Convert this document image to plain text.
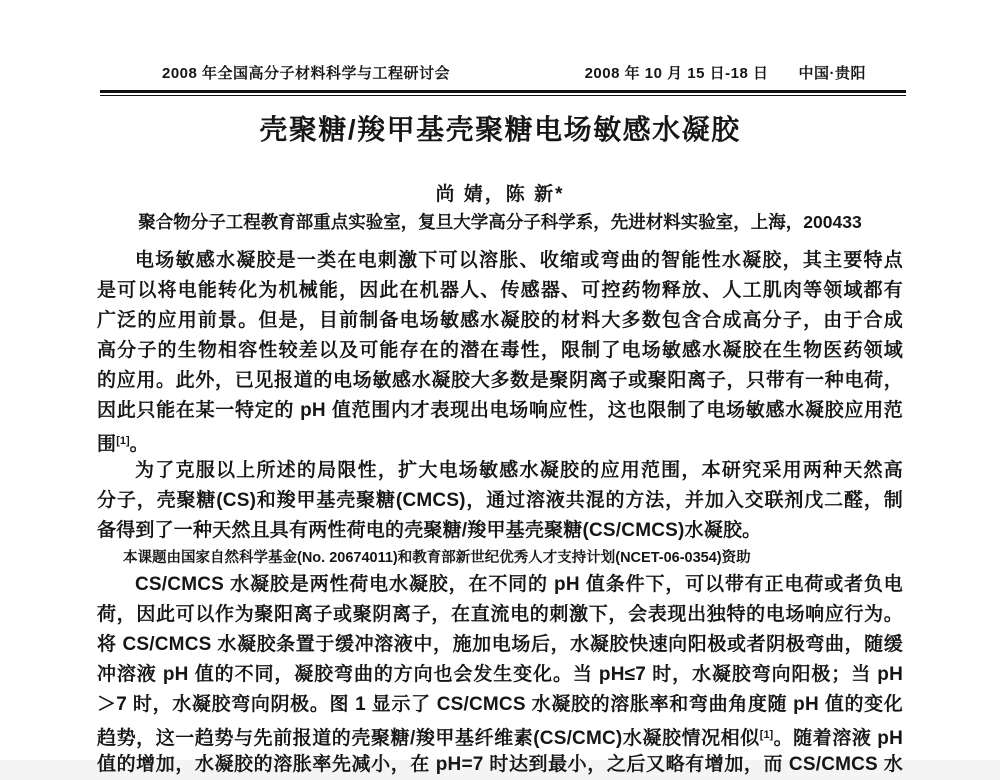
2008 年全国高分子材料科学与工程研讨会	2008 年 10 月 15 日-18 日 中国·贵阳
壳聚糖/羧甲基壳聚糖电场敏感水凝胶
尚 婧，陈 新*
聚合物分子工程教育部重点实验室，复旦大学高分子科学系，先进材料实验室，上海，200433
电场敏感水凝胶是一类在电刺激下可以溶胀、收缩或弯曲的智能性水凝胶，其主要特点
是可以将电能转化为机械能，因此在机器人、传感器、可控药物释放、人工肌肉等领域都有
广泛的应用前景。但是，目前制备电场敏感水凝胶的材料大多数包含合成高分子，由于合成
高分子的生物相容性较差以及可能存在的潜在毒性，限制了电场敏感水凝胶在生物医药领域
的应用。此外，已见报道的电场敏感水凝胶大多数是聚阴离子或聚阳离子，只带有一种电荷，
因此只能在某一特定的 pH 值范围内才表现出电场响应性，这也限制了电场敏感水凝胶应用范
围[1]。
为了克服以上所述的局限性，扩大电场敏感水凝胶的应用范围，本研究采用两种天然高
分子，壳聚糖(CS)和羧甲基壳聚糖(CMCS)，通过溶液共混的方法，并加入交联剂戊二醛，制
备得到了一种天然且具有两性荷电的壳聚糖/羧甲基壳聚糖(CS/CMCS)水凝胶。
本课题由国家自然科学基金(No. 20674011)和教育部新世纪优秀人才支持计划(NCET-06-0354)资助
CS/CMCS 水凝胶是两性荷电水凝胶，在不同的 pH 值条件下，可以带有正电荷或者负电
荷，因此可以作为聚阳离子或聚阴离子，在直流电的刺激下，会表现出独特的电场响应行为。
将 CS/CMCS 水凝胶条置于缓冲溶液中，施加电场后，水凝胶快速向阳极或者阴极弯曲，随缓
冲溶液 pH 值的不同，凝胶弯曲的方向也会发生变化。当 pH≤7 时，水凝胶弯向阳极；当 pH
＞7 时，水凝胶弯向阴极。图 1 显示了 CS/CMCS 水凝胶的溶胀率和弯曲角度随 pH 值的变化
趋势，这一趋势与先前报道的壳聚糖/羧甲基纤维素(CS/CMC)水凝胶情况相似[1]。随着溶液 pH
值的增加，水凝胶的溶胀率先减小，在 pH=7 时达到最小，之后又略有增加，而 CS/CMCS 水
